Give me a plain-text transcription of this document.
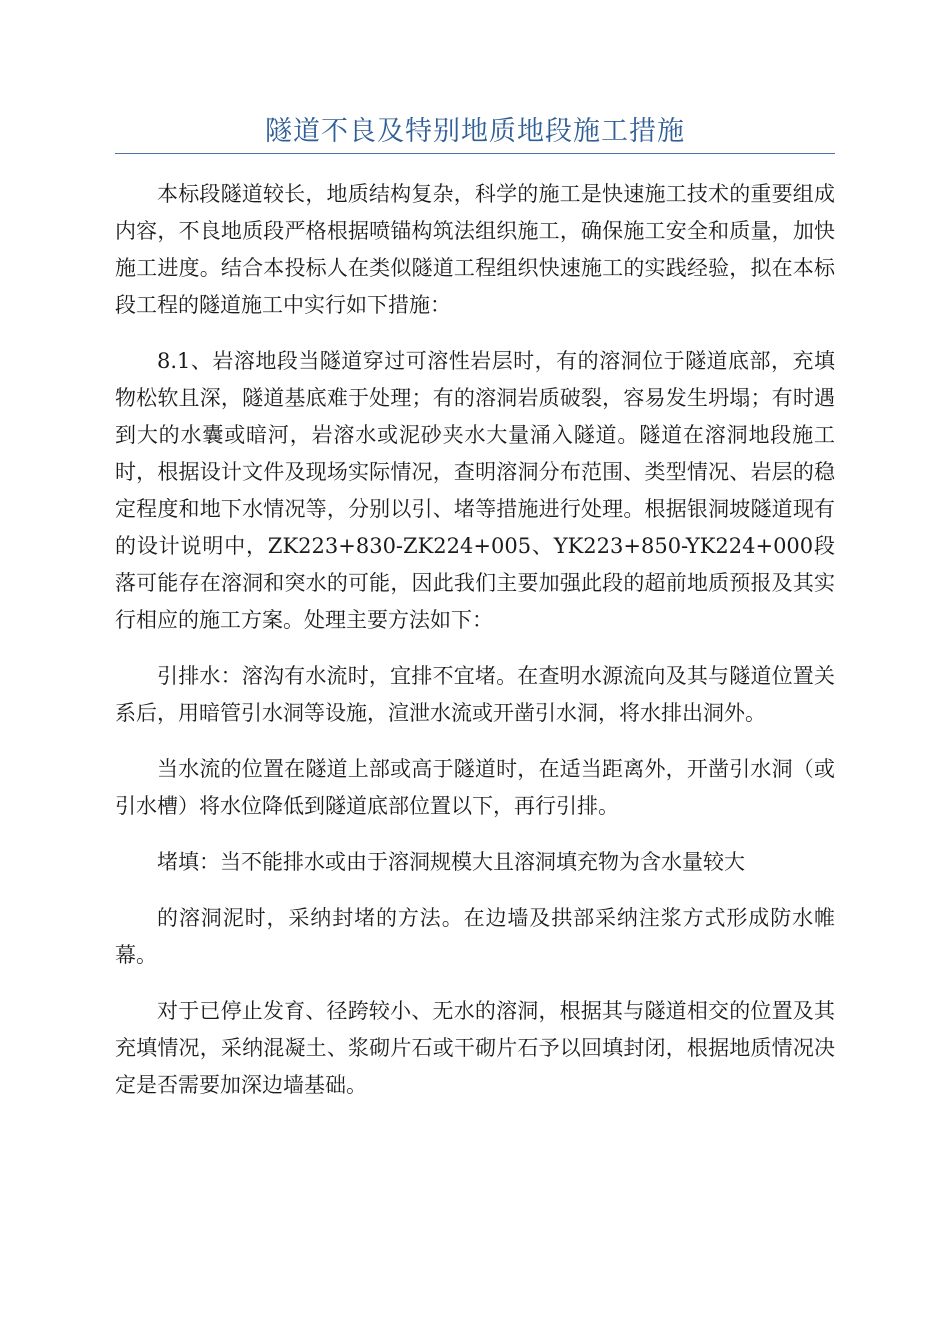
隧道不良及特别地质地段施工措施

本标段隧道较长，地质结构复杂，科学的施工是快速施工技术的重要组成内容，不良地质段严格根据喷锚构筑法组织施工，确保施工安全和质量，加快施工进度。结合本投标人在类似隧道工程组织快速施工的实践经验，拟在本标段工程的隧道施工中实行如下措施：

8.1、岩溶地段当隧道穿过可溶性岩层时，有的溶洞位于隧道底部，充填物松软且深，隧道基底难于处理；有的溶洞岩质破裂，容易发生坍塌；有时遇到大的水囊或暗河，岩溶水或泥砂夹水大量涌入隧道。隧道在溶洞地段施工时，根据设计文件及现场实际情况，查明溶洞分布范围、类型情况、岩层的稳定程度和地下水情况等，分别以引、堵等措施进行处理。根据银洞坡隧道现有的设计说明中，ZK223+830-ZK224+005、YK223+850-YK224+000段落可能存在溶洞和突水的可能，因此我们主要加强此段的超前地质预报及其实行相应的施工方案。处理主要方法如下：

引排水：溶沟有水流时，宜排不宜堵。在查明水源流向及其与隧道位置关系后，用暗管引水洞等设施，渲泄水流或开凿引水洞，将水排出洞外。

当水流的位置在隧道上部或高于隧道时，在适当距离外，开凿引水洞（或引水槽）将水位降低到隧道底部位置以下，再行引排。

堵填：当不能排水或由于溶洞规模大且溶洞填充物为含水量较大

的溶洞泥时，采纳封堵的方法。在边墙及拱部采纳注浆方式形成防水帷幕。

对于已停止发育、径跨较小、无水的溶洞，根据其与隧道相交的位置及其充填情况，采纳混凝土、浆砌片石或干砌片石予以回填封闭，根据地质情况决定是否需要加深边墙基础。
